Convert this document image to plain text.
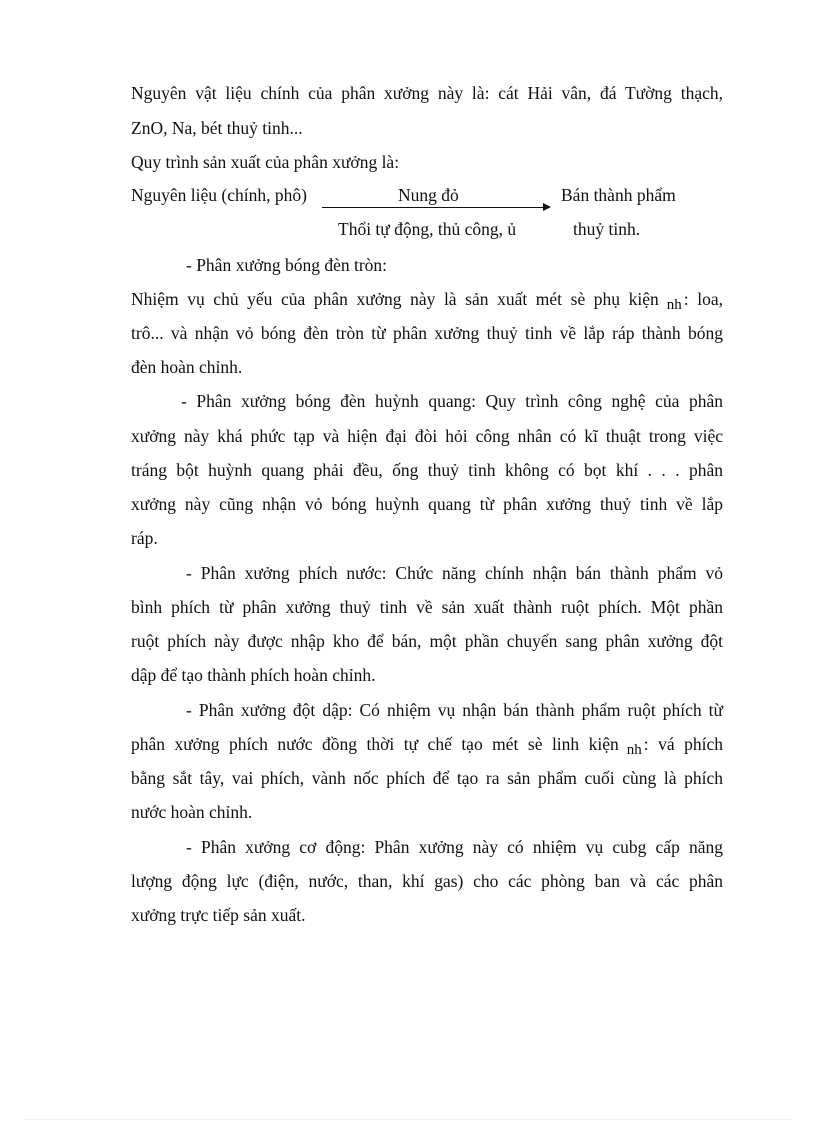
Nguyên vật liệu chính của phân xưởng này là: cát Hải vân, đá Tường thạch,
ZnO, Na, bét thuỷ tinh...
Quy trình sản xuất của phân xưởng là:
Nguyên liệu (chính, phô)	Nung đỏ	Bán thành phẩm
Thổi tự động, thủ công, ủ	thuỷ tinh.
- Phân xưởng bóng đèn tròn:
Nhiệm vụ chủ yếu của phân xưởng này là sản xuất mét sè phụ kiện nh : loa,
trô... và nhận vỏ bóng đèn tròn từ phân xưởng thuỷ tinh về lắp ráp thành bóng
đèn hoàn chỉnh.
- Phân xưởng bóng đèn huỳnh quang: Quy trình công nghệ của phân
xưởng này khá phức tạp và hiện đại đòi hỏi công nhân có kĩ thuật trong việc
tráng bột huỳnh quang phải đều, ống thuỷ tinh không có bọt khí . . . phân
xưởng này cũng nhận vỏ bóng huỳnh quang từ phân xưởng thuỷ tinh về lắp
ráp.
- Phân xưởng phích nước: Chức năng chính nhận bán thành phẩm vỏ
bình phích từ phân xưởng thuỷ tinh về sản xuất thành ruột phích. Một phần
ruột phích này được nhập kho để bán, một phần chuyển sang phân xưởng đột
dập để tạo thành phích hoàn chỉnh.
- Phân xưởng đột dập: Có nhiệm vụ nhận bán thành phẩm ruột phích từ
phân xưởng phích nước đồng thời tự chế tạo mét sè linh kiện nh : vá phích
bằng sắt tây, vai phích, vành nốc phích để tạo ra sản phẩm cuối cùng là phích
nước hoàn chỉnh.
- Phân xưởng cơ động: Phân xưởng này có nhiệm vụ cubg cấp năng
lượng động lực (điện, nước, than, khí gas) cho các phòng ban và các phân
xưởng trực tiếp sản xuất.
